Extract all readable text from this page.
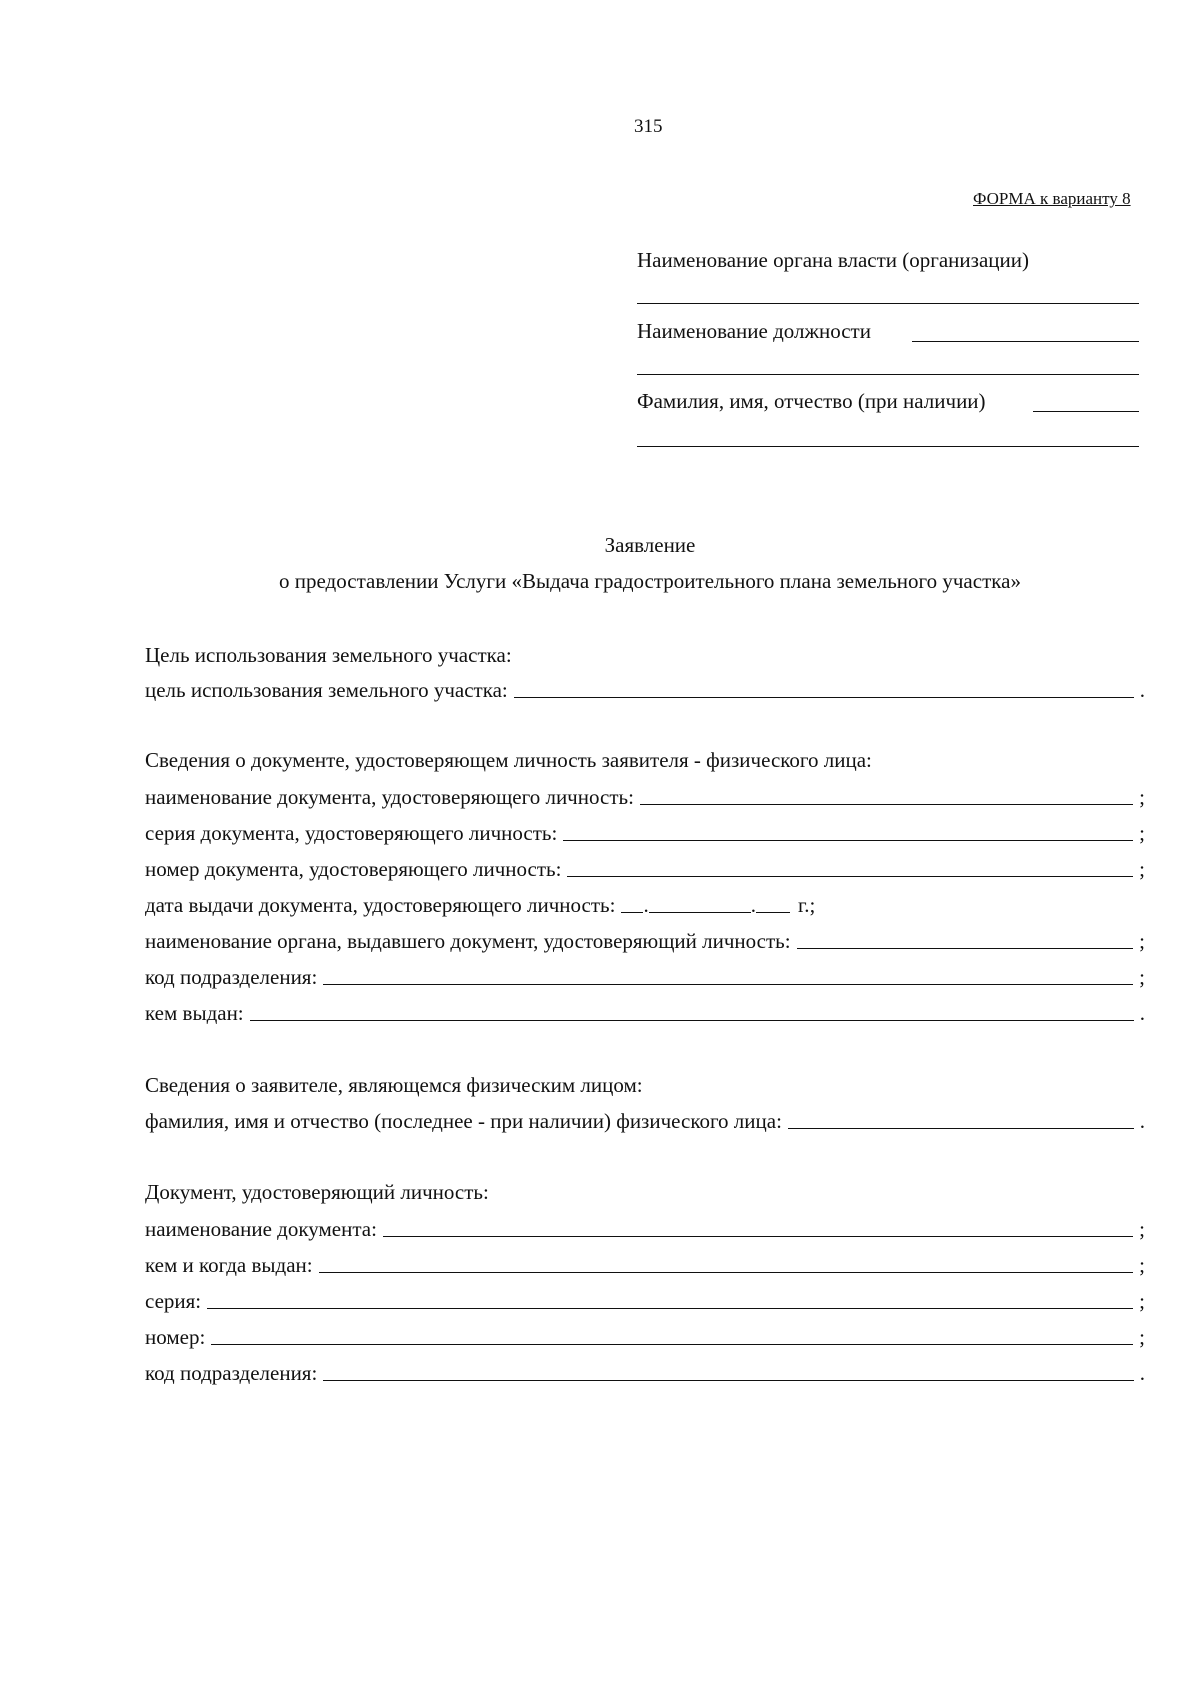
315
ФОРМА к варианту 8
Наименование органа власти (организации)
Наименование должности
Фамилия, имя, отчество (при наличии)
Заявление
о предоставлении Услуги «Выдача градостроительного плана земельного участка»
Цель использования земельного участка:
цель использования земельного участка:	.
Сведения о документе, удостоверяющем личность заявителя - физического лица:
наименование документа, удостоверяющего личность:	;
серия документа, удостоверяющего личность:	;
номер документа, удостоверяющего личность:	;
дата выдачи документа, удостоверяющего личность: .	. г.;
наименование органа, выдавшего документ, удостоверяющий личность:	;
код подразделения:	;
кем выдан:	.
Сведения о заявителе, являющемся физическим лицом:
фамилия, имя и отчество (последнее - при наличии) физического лица:	.
Документ, удостоверяющий личность:
наименование документа:	;
кем и когда выдан:	;
серия:	;
номер:	;
код подразделения:	.
